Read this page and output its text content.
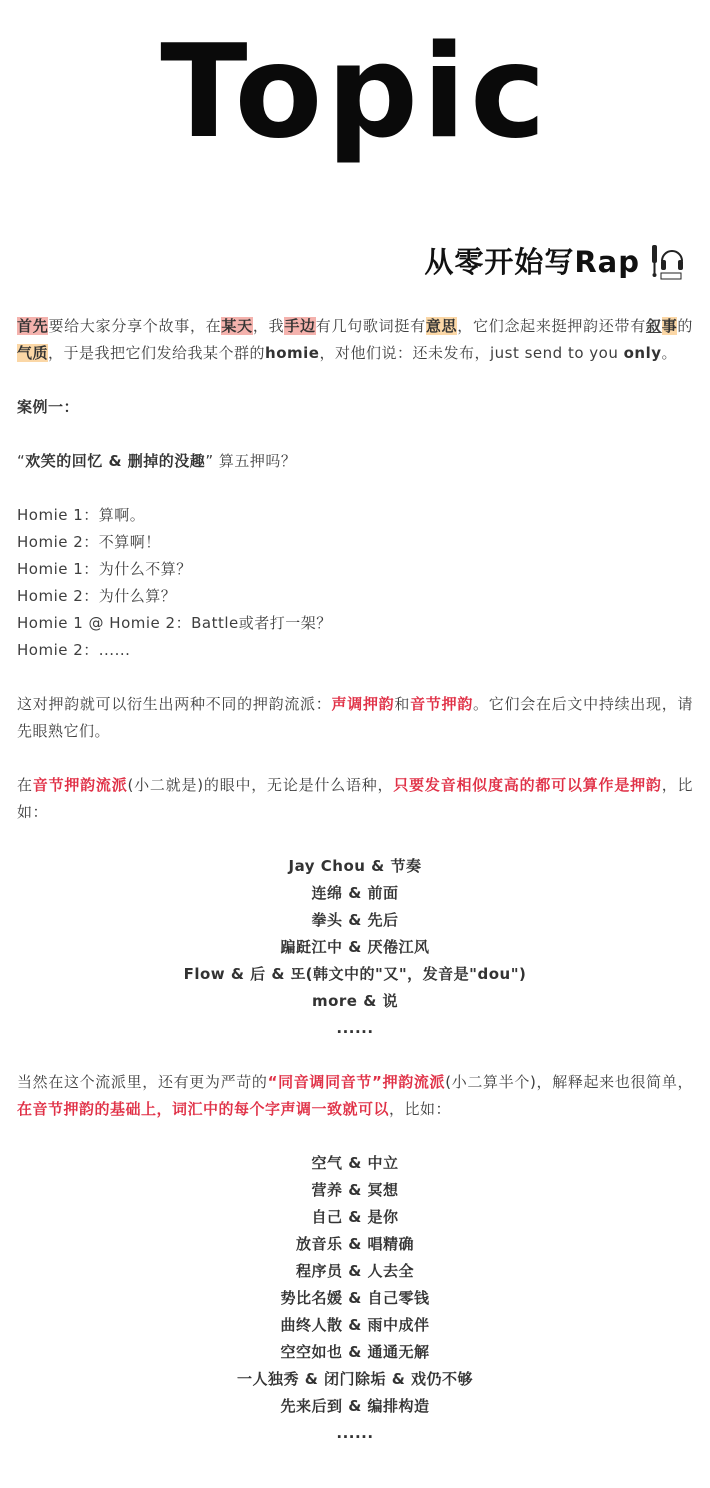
Topic
从零开始写Rap

首先要给大家分享个故事，在某天，我手边有几句歌词挺有意思，它们念起来挺押韵还带有叙事的气质，于是我把它们发给我某个群的homie，对他们说：还未发布，just send to you only。

案例一：

“欢笑的回忆 & 删掉的没趣” 算五押吗？

Homie 1：算啊。

Homie 2：不算啊！

Homie 1：为什么不算？

Homie 2：为什么算？

Homie 1 @ Homie 2：Battle或者打一架？

Homie 2：......

这对押韵就可以衍生出两种不同的押韵流派：声调押韵和音节押韵。它们会在后文中持续出现，请先眼熟它们。

在音节押韵流派(小二就是)的眼中，无论是什么语种，只要发音相似度高的都可以算作是押韵，比如：

Jay Chou & 节奏

连绵 & 前面

拳头 & 先后

蹁跹江中 & 厌倦江风

Flow & 后 & 또(韩文中的"又"，发音是"dou")

more & 说

......

当然在这个流派里，还有更为严苛的“同音调同音节”押韵流派(小二算半个)，解释起来也很简单，在音节押韵的基础上，词汇中的每个字声调一致就可以，比如：

空气 & 中立

营养 & 冥想

自己 & 是你

放音乐 & 唱精确

程序员 & 人去全

势比名媛 & 自己零钱

曲终人散 & 雨中成伴

空空如也 & 通通无解

一人独秀 & 闭门除垢 & 戏仍不够

先来后到 & 编排构造

......
